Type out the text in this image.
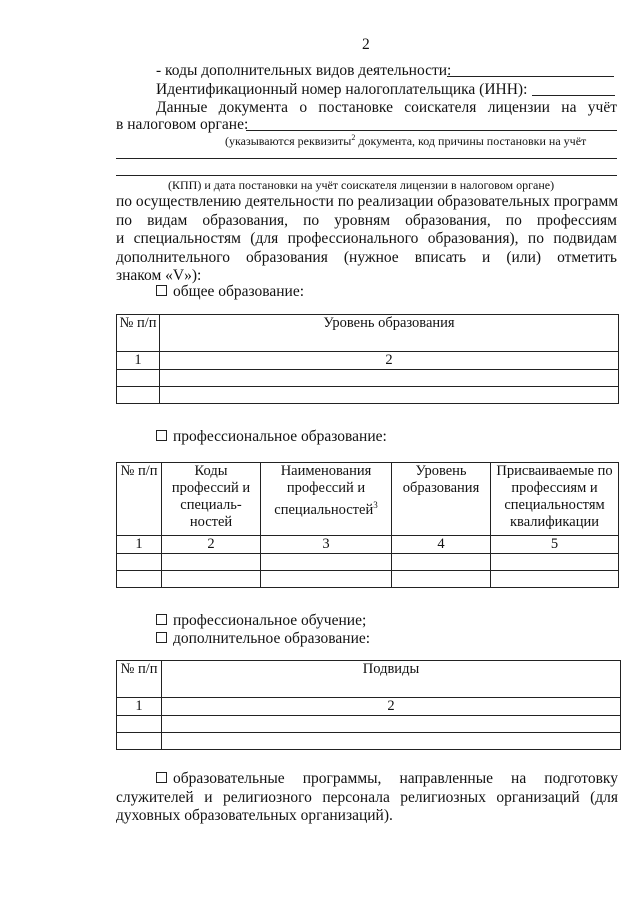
2
- коды дополнительных видов деятельности:
Идентификационный номер налогоплательщика (ИНН):
Данные документа о постановке соискателя лицензии на учёт
в налоговом органе:
(указываются реквизиты$^2$ документа, код причины постановки на учёт
(КПП) и дата постановки на учёт соискателя лицензии в налоговом органе)
по осуществлению деятельности по реализации образовательных программ
по видам образования, по уровням образования, по профессиям
и специальностям (для профессионального образования), по подвидам
дополнительного образования (нужное вписать и (или) отметить
знаком «V»):
общее образование:
№ п/п	Уровень образования
1	2

профессиональное образование:
№ п/п	Коды профессий и специаль-ностей	Наименования профессий и специальностей$^3$	Уровень образования	Присваиваемые по профессиям и специальностям квалификации
1	2	3	4	5

профессиональное обучение;
дополнительное образование:
№ п/п	Подвиды
1	2

образовательные программы, направленные на подготовку
служителей и религиозного персонала религиозных организаций (для
духовных образовательных организаций).
